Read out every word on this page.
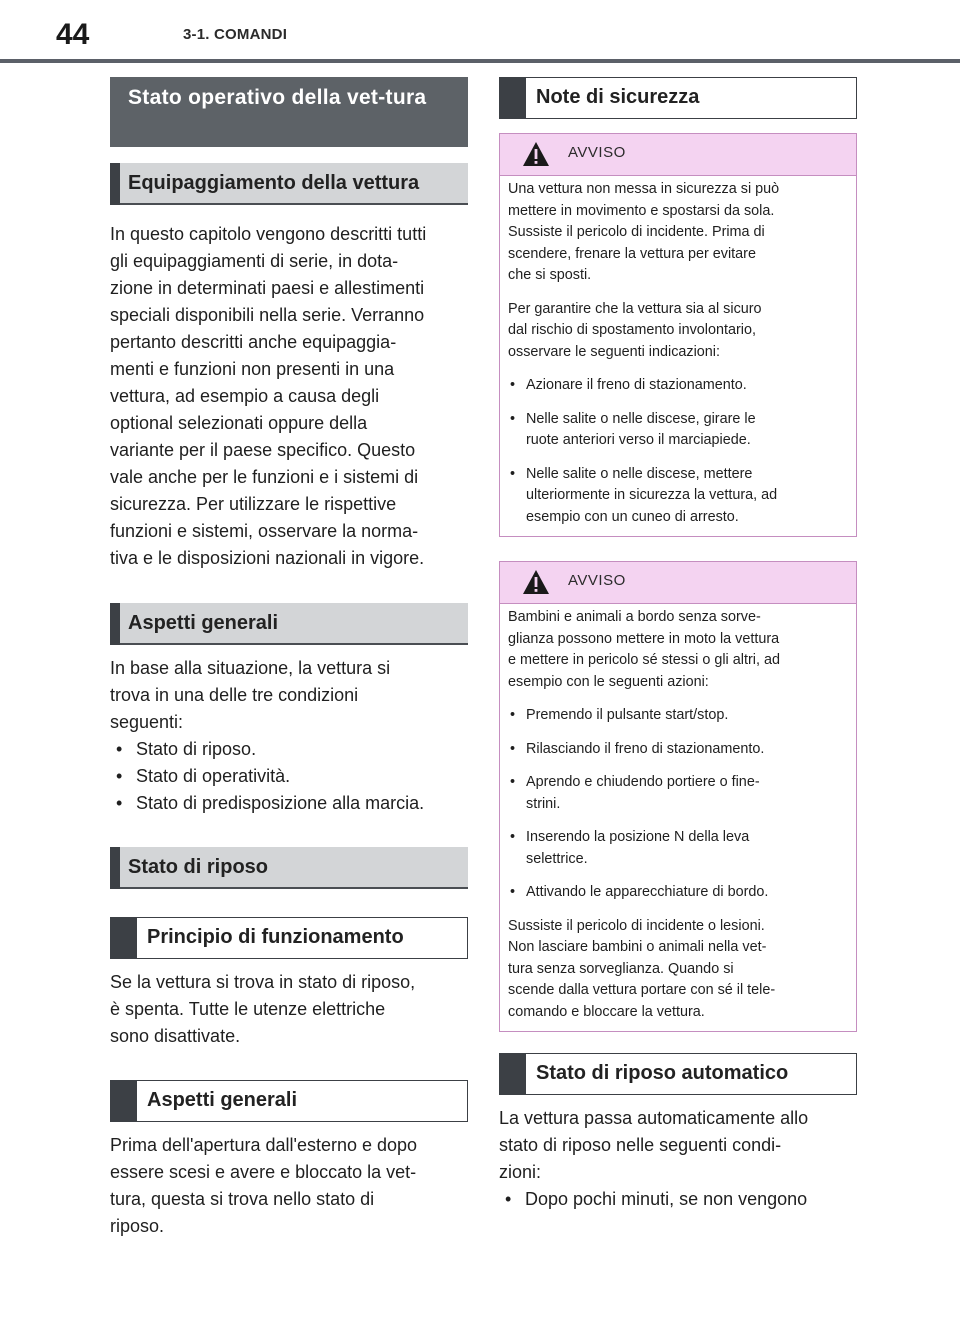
44	3-1. COMANDI
Stato operativo della vet-tura
Equipaggiamento della vettura
In questo capitolo vengono descritti tutti
gli equipaggiamenti di serie, in dota-
zione in determinati paesi e allestimenti
speciali disponibili nella serie. Verranno
pertanto descritti anche equipaggia-
menti e funzioni non presenti in una
vettura, ad esempio a causa degli
optional selezionati oppure della
variante per il paese specifico. Questo
vale anche per le funzioni e i sistemi di
sicurezza. Per utilizzare le rispettive
funzioni e sistemi, osservare la norma-
tiva e le disposizioni nazionali in vigore.
Aspetti generali
In base alla situazione, la vettura si
trova in una delle tre condizioni
seguenti:
• Stato di riposo.
• Stato di operatività.
• Stato di predisposizione alla marcia.
Stato di riposo
Principio di funzionamento
Se la vettura si trova in stato di riposo,
è spenta. Tutte le utenze elettriche
sono disattivate.
Aspetti generali
Prima dell'apertura dall'esterno e dopo
essere scesi e avere e bloccato la vet-
tura, questa si trova nello stato di
riposo.
Note di sicurezza
AVVISO

Una vettura non messa in sicurezza si può
mettere in movimento e spostarsi da sola.
Sussiste il pericolo di incidente. Prima di
scendere, frenare la vettura per evitare
che si sposti.

Per garantire che la vettura sia al sicuro
dal rischio di spostamento involontario,
osservare le seguenti indicazioni:

• Azionare il freno di stazionamento.
• Nelle salite o nelle discese, girare le
ruote anteriori verso il marciapiede.
• Nelle salite o nelle discese, mettere
ulteriormente in sicurezza la vettura, ad
esempio con un cuneo di arresto.
AVVISO

Bambini e animali a bordo senza sorve-
glianza possono mettere in moto la vettura
e mettere in pericolo sé stessi o gli altri, ad
esempio con le seguenti azioni:

• Premendo il pulsante start/stop.
• Rilasciando il freno di stazionamento.
• Aprendo e chiudendo portiere o fine-
strini.
• Inserendo la posizione N della leva
selettrice.
• Attivando le apparecchiature di bordo.

Sussiste il pericolo di incidente o lesioni.
Non lasciare bambini o animali nella vet-
tura senza sorveglianza. Quando si
scende dalla vettura portare con sé il tele-
comando e bloccare la vettura.

Stato di riposo automatico
La vettura passa automaticamente allo
stato di riposo nelle seguenti condi-
zioni:
• Dopo pochi minuti, se non vengono
